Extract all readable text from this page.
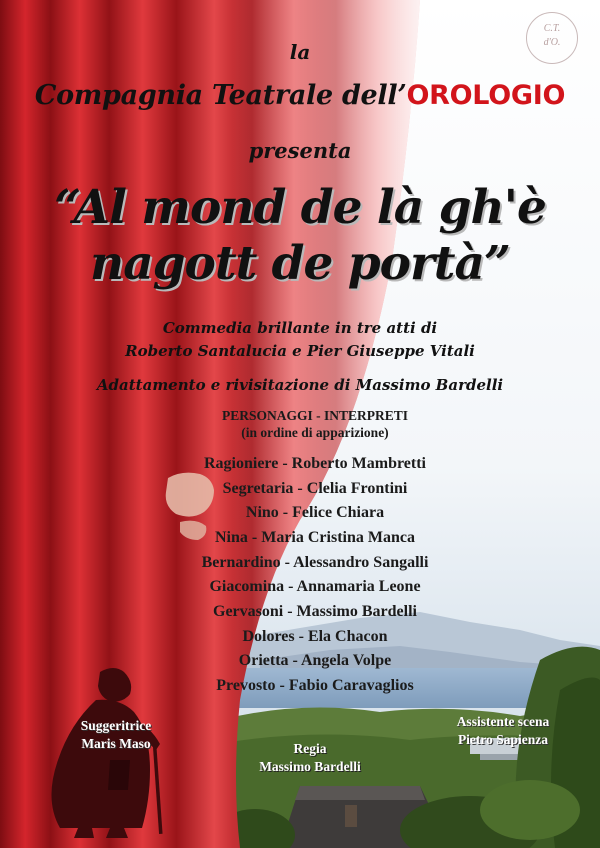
C.T.
d'O.

la

Compagnia Teatrale dell’OROLOGIO

presenta

“Al mond de là gh'è

nagott de portà”

Commedia brillante in tre atti di

Roberto Santalucia e Pier Giuseppe Vitali

Adattamento e rivisitazione di Massimo Bardelli

PERSONAGGI - INTERPRETI

(in ordine di apparizione)

Ragioniere - Roberto Mambretti

Segretaria - Clelia Frontini

Nino - Felice Chiara

Nina - Maria Cristina Manca

Bernardino - Alessandro Sangalli

Giacomina - Annamaria Leone

Gervasoni - Massimo Bardelli

Dolores - Ela Chacon

Orietta - Angela Volpe

Prevosto - Fabio Caravaglios

Suggeritrice
Maris Maso	Regia
Massimo Bardelli
Assistente scena
Pietro Sapienza
